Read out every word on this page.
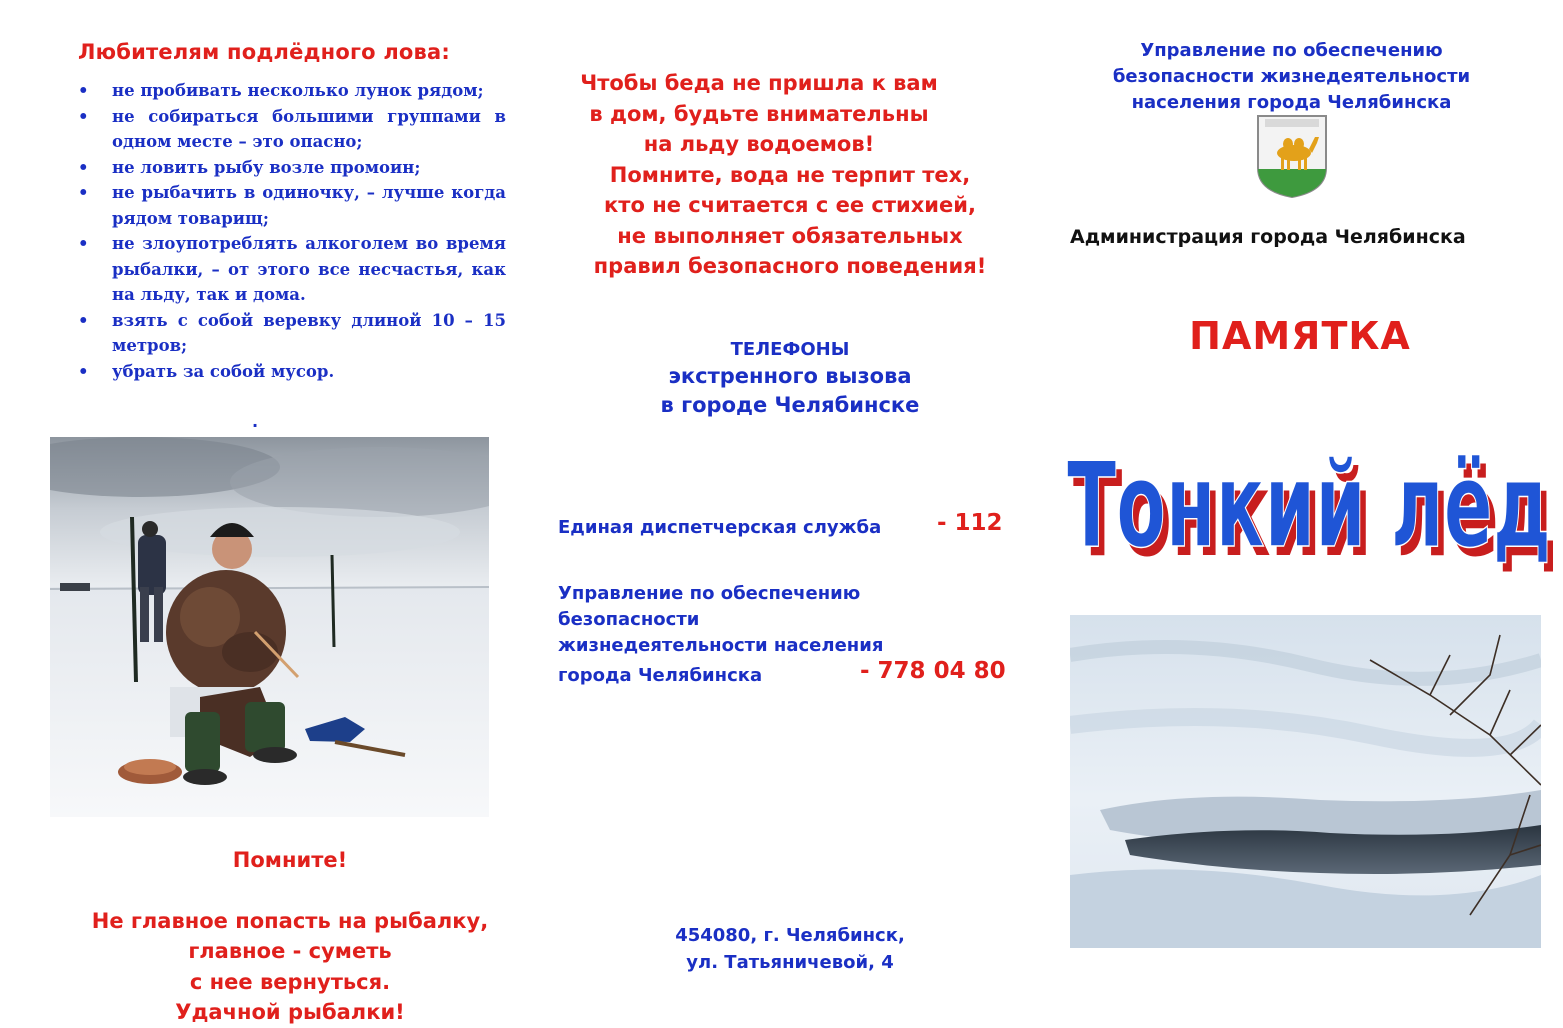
Любителям подлёдного лова:
• не пробивать несколько лунок рядом;
• не собираться большими группами в одном месте – это опасно;
• не ловить рыбу возле промоин;
• не рыбачить в одиночку, – лучше когда рядом товарищ;
• не злоупотреблять алкоголем во время рыбалки, – от этого все несчастья, как на льду, так и дома.
• взять с собой веревку длиной 10 – 15 метров;
• убрать за собой мусор.
.
Помните!
Не главное попасть на рыбалку,
главное - суметь
с нее вернуться.
Удачной рыбалки!
Чтобы беда не пришла к вам
в дом, будьте внимательны
на льду водоемов!
Помните, вода не терпит тех,
кто не считается с ее стихией,
не выполняет обязательных
правил безопасного поведения!
ТЕЛЕФОНЫ
экстренного вызова
в городе Челябинске
Единая диспетчерская служба - 112
Управление по обеспечению
безопасности
жизнедеятельности населения
города Челябинска	- 778 04 80
454080, г. Челябинск,
ул. Татьяничевой, 4
Управление по обеспечению
безопасности жизнедеятельности
населения города Челябинска
Администрация города Челябинска
ПАМЯТКА
Тонкий лёд
Тонкий лёд
